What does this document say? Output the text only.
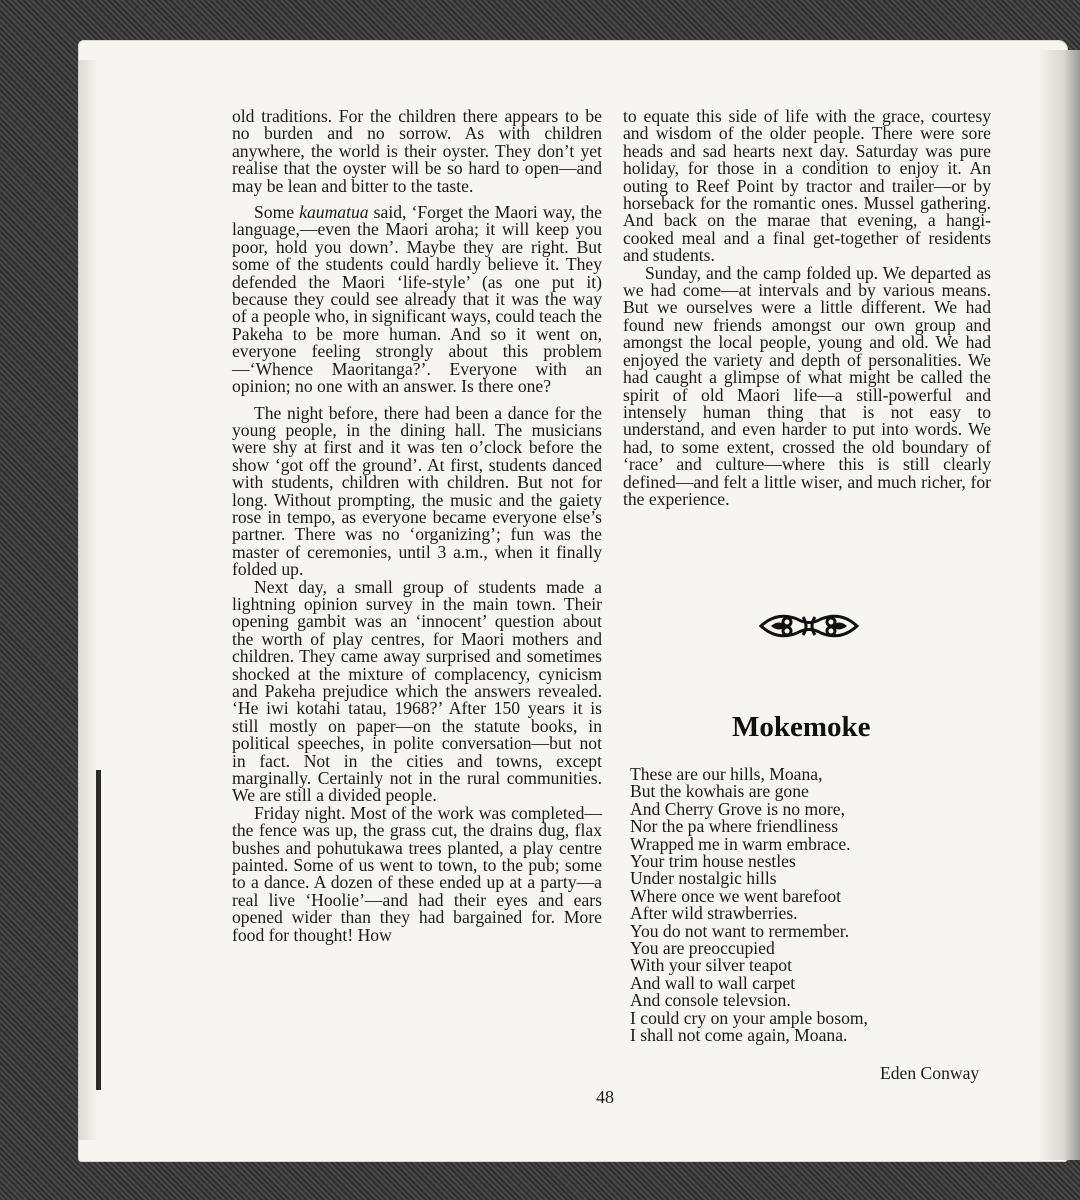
old traditions. For the children there appears to be no burden and no sorrow. As with children anywhere, the world is their oyster. They don’t yet realise that the oyster will be so hard to open—and may be lean and bitter to the taste.

Some kaumatua said, ‘Forget the Maori way, the language,—even the Maori aroha; it will keep you poor, hold you down’. Maybe they are right. But some of the students could hardly believe it. They defended the Maori ‘life-style’ (as one put it) because they could see already that it was the way of a people who, in significant ways, could teach the Pakeha to be more human. And so it went on, everyone feeling strongly about this problem—‘Whence Maoritanga?’. Everyone with an opinion; no one with an answer. Is there one?

The night before, there had been a dance for the young people, in the dining hall. The musicians were shy at first and it was ten o’clock before the show ‘got off the ground’. At first, students danced with students, children with children. But not for long. Without prompting, the music and the gaiety rose in tempo, as everyone became everyone else’s partner. There was no ‘organizing’; fun was the master of ceremonies, until 3 a.m., when it finally folded up.

Next day, a small group of students made a lightning opinion survey in the main town. Their opening gambit was an ‘innocent’ question about the worth of play centres, for Maori mothers and children. They came away surprised and sometimes shocked at the mixture of complacency, cynicism and Pakeha prejudice which the answers revealed. ‘He iwi kotahi tatau, 1968?’ After 150 years it is still mostly on paper—on the statute books, in political speeches, in polite conversation—but not in fact. Not in the cities and towns, except marginally. Certainly not in the rural communities. We are still a divided people.

Friday night. Most of the work was completed—the fence was up, the grass cut, the drains dug, flax bushes and pohutukawa trees planted, a play centre painted. Some of us went to town, to the pub; some to a dance. A dozen of these ended up at a party—a real live ‘Hoolie’—and had their eyes and ears opened wider than they had bargained for. More food for thought! How

to equate this side of life with the grace, courtesy and wisdom of the older people. There were sore heads and sad hearts next day. Saturday was pure holiday, for those in a condition to enjoy it. An outing to Reef Point by tractor and trailer—or by horseback for the romantic ones. Mussel gathering. And back on the marae that evening, a hangi-cooked meal and a final get-together of residents and students.

Sunday, and the camp folded up. We departed as we had come—at intervals and by various means. But we ourselves were a little different. We had found new friends amongst our own group and amongst the local people, young and old. We had enjoyed the variety and depth of personalities. We had caught a glimpse of what might be called the spirit of old Maori life—a still-powerful and intensely human thing that is not easy to understand, and even harder to put into words. We had, to some extent, crossed the old boundary of ‘race’ and culture—where this is still clearly defined—and felt a little wiser, and much richer, for the experience.

Mokemoke
These are our hills, Moana,
But the kowhais are gone
And Cherry Grove is no more,
Nor the pa where friendliness
Wrapped me in warm embrace.
Your trim house nestles
Under nostalgic hills
Where once we went barefoot
After wild strawberries.
You do not want to rermember.
You are preoccupied
With your silver teapot
And wall to wall carpet
And console televsion.
I could cry on your ample bosom,
I shall not come again, Moana.
Eden Conway
48
